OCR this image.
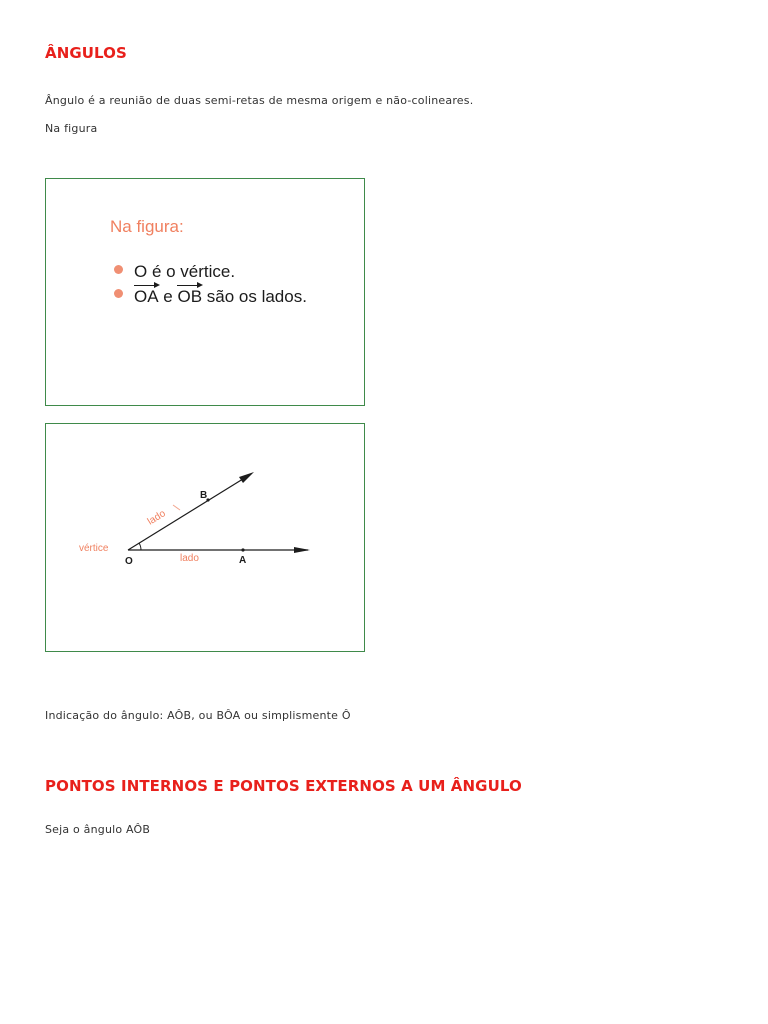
ÂNGULOS

Ângulo é a reunião de duas semi-retas de mesma origem e não-colineares.

Na figura

Na figura:

O é o vértice.
OA e OB são os lados.
vértice
lado
lado
O	A
B

Indicação do ângulo: AÔB, ou BÔA ou simplismente Ô

PONTOS INTERNOS E PONTOS EXTERNOS A UM ÂNGULO

Seja o ângulo AÔB
